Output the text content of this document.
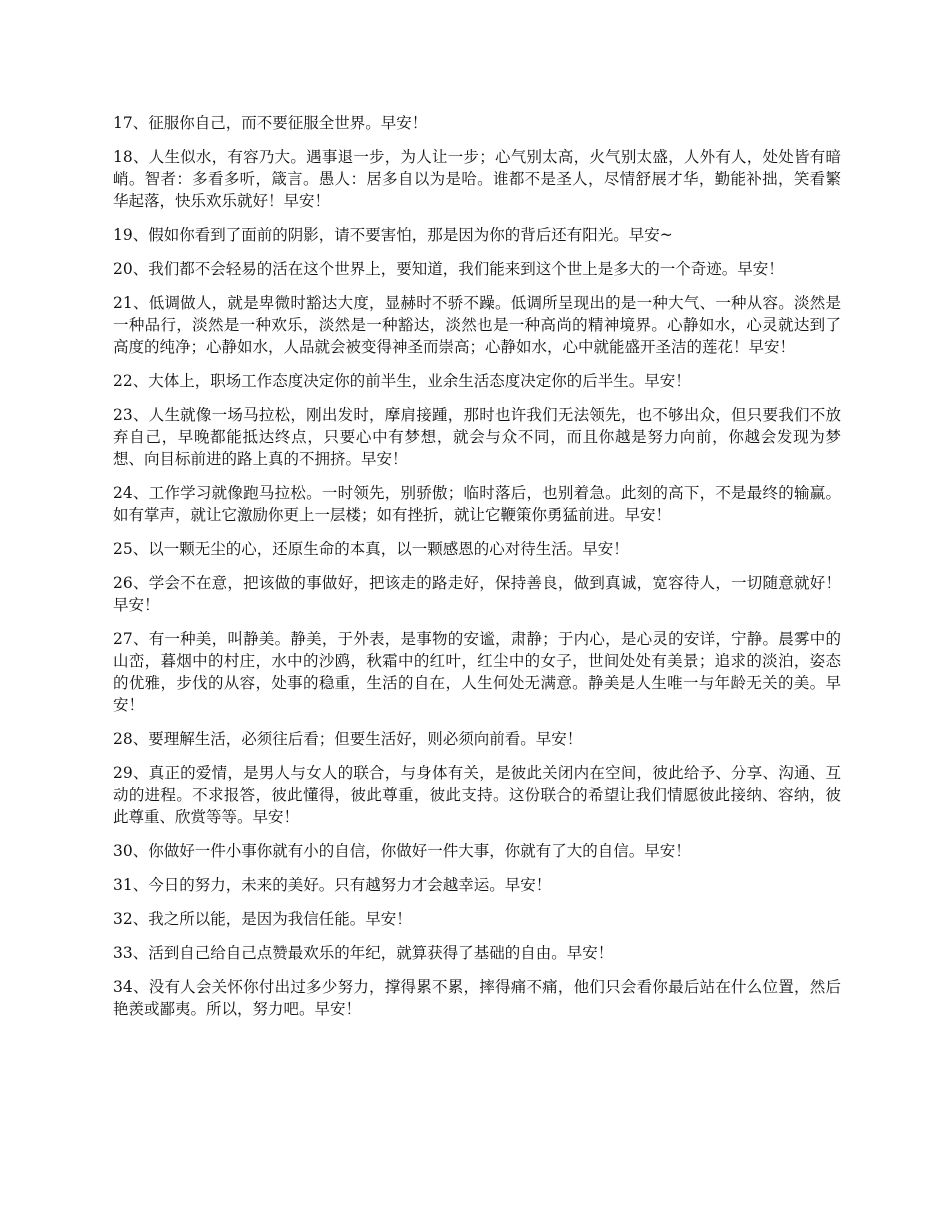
17、征服你自己，而不要征服全世界。早安！

18、人生似水，有容乃大。遇事退一步，为人让一步；心气别太高，火气别太盛，人外有人，处处皆有暗峭。智者：多看多听，箴言。愚人：居多自以为是哈。谁都不是圣人，尽情舒展才华，勤能补拙，笑看繁华起落，快乐欢乐就好！早安！

19、假如你看到了面前的阴影，请不要害怕，那是因为你的背后还有阳光。早安~

20、我们都不会轻易的活在这个世界上，要知道，我们能来到这个世上是多大的一个奇迹。早安！

21、低调做人，就是卑微时豁达大度，显赫时不骄不躁。低调所呈现出的是一种大气、一种从容。淡然是一种品行，淡然是一种欢乐，淡然是一种豁达，淡然也是一种高尚的精神境界。心静如水，心灵就达到了高度的纯净；心静如水，人品就会被变得神圣而崇高；心静如水，心中就能盛开圣洁的莲花！早安！

22、大体上，职场工作态度决定你的前半生，业余生活态度决定你的后半生。早安！

23、人生就像一场马拉松，刚出发时，摩肩接踵，那时也许我们无法领先，也不够出众，但只要我们不放弃自己，早晚都能抵达终点，只要心中有梦想，就会与众不同，而且你越是努力向前，你越会发现为梦想、向目标前进的路上真的不拥挤。早安！

24、工作学习就像跑马拉松。一时领先，别骄傲；临时落后，也别着急。此刻的高下，不是最终的输赢。如有掌声，就让它激励你更上一层楼；如有挫折，就让它鞭策你勇猛前进。早安！

25、以一颗无尘的心，还原生命的本真，以一颗感恩的心对待生活。早安！

26、学会不在意，把该做的事做好，把该走的路走好，保持善良，做到真诚，宽容待人，一切随意就好！ 早安！

27、有一种美，叫静美。静美，于外表，是事物的安谧，肃静；于内心，是心灵的安详，宁静。晨雾中的山峦，暮烟中的村庄，水中的沙鸥，秋霜中的红叶，红尘中的女子，世间处处有美景；追求的淡泊，姿态的优雅，步伐的从容，处事的稳重，生活的自在，人生何处无满意。静美是人生唯一与年龄无关的美。早安！

28、要理解生活，必须往后看；但要生活好，则必须向前看。早安！

29、真正的爱情，是男人与女人的联合，与身体有关，是彼此关闭内在空间，彼此给予、分享、沟通、互动的进程。不求报答，彼此懂得，彼此尊重，彼此支持。这份联合的希望让我们情愿彼此接纳、容纳，彼此尊重、欣赏等等。早安！

30、你做好一件小事你就有小的自信，你做好一件大事，你就有了大的自信。早安！

31、今日的努力，未来的美好。只有越努力才会越幸运。早安！

32、我之所以能，是因为我信任能。早安！

33、活到自己给自己点赞最欢乐的年纪，就算获得了基础的自由。早安！

34、没有人会关怀你付出过多少努力，撑得累不累，摔得痛不痛，他们只会看你最后站在什么位置，然后艳羡或鄙夷。所以，努力吧。早安！
